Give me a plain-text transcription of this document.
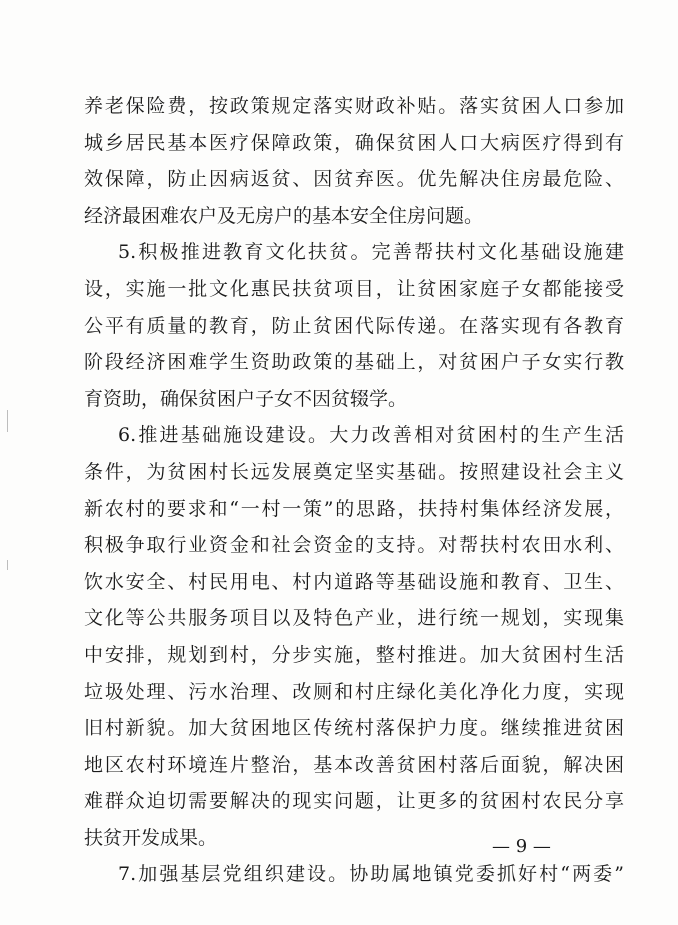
养老保险费，按政策规定落实财政补贴。落实贫困人口参加
城乡居民基本医疗保障政策，确保贫困人口大病医疗得到有
效保障，防止因病返贫、因贫弃医。优先解决住房最危险、
经济最困难农户及无房户的基本安全住房问题。
5.积极推进教育文化扶贫。完善帮扶村文化基础设施建
设，实施一批文化惠民扶贫项目，让贫困家庭子女都能接受
公平有质量的教育，防止贫困代际传递。在落实现有各教育
阶段经济困难学生资助政策的基础上，对贫困户子女实行教
育资助，确保贫困户子女不因贫辍学。
6.推进基础施设建设。大力改善相对贫困村的生产生活
条件，为贫困村长远发展奠定坚实基础。按照建设社会主义
新农村的要求和“一村一策”的思路，扶持村集体经济发展，
积极争取行业资金和社会资金的支持。对帮扶村农田水利、
饮水安全、村民用电、村内道路等基础设施和教育、卫生、
文化等公共服务项目以及特色产业，进行统一规划，实现集
中安排，规划到村，分步实施，整村推进。加大贫困村生活
垃圾处理、污水治理、改厕和村庄绿化美化净化力度，实现
旧村新貌。加大贫困地区传统村落保护力度。继续推进贫困
地区农村环境连片整治，基本改善贫困村落后面貌，解决困
难群众迫切需要解决的现实问题，让更多的贫困村农民分享
扶贫开发成果。
7.加强基层党组织建设。协助属地镇党委抓好村“两委”
— 9 —
